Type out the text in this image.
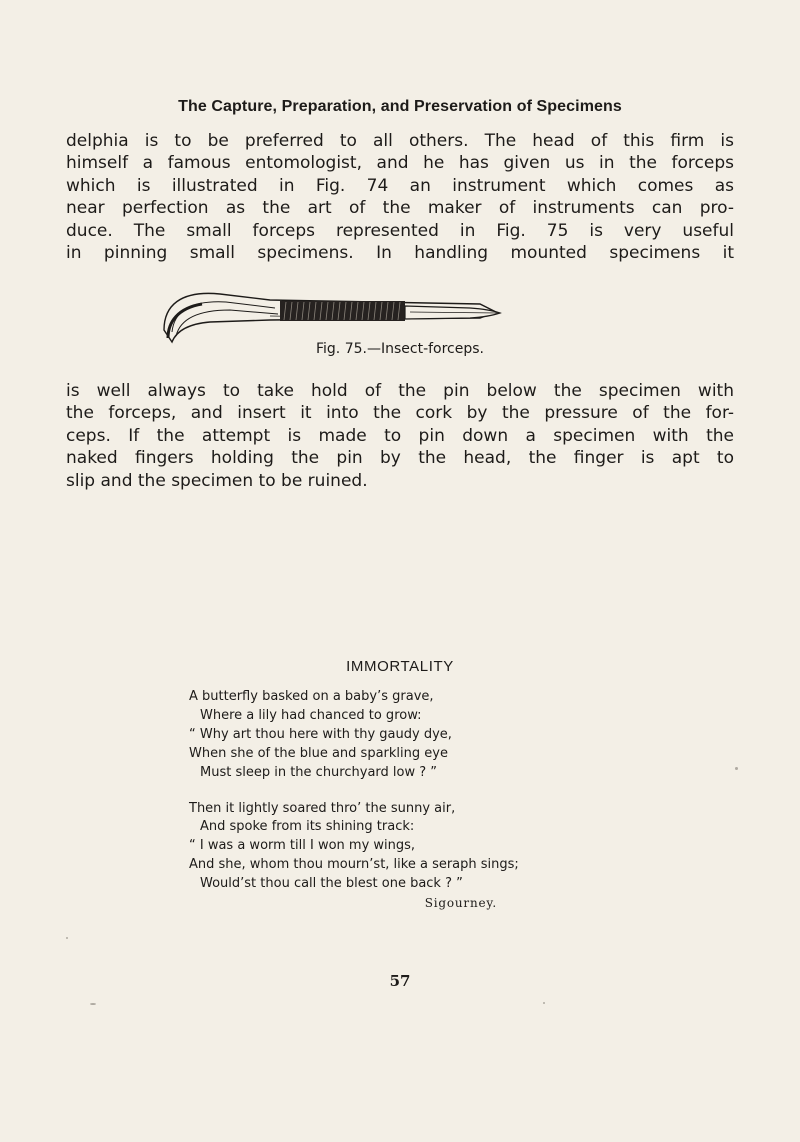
The Capture, Preparation, and Preservation of Specimens
delphia is to be preferred to all others. The head of this firm is
himself a famous entomologist, and he has given us in the forceps
which is illustrated in Fig. 74 an instrument which comes as
near perfection as the art of the maker of instruments can pro-
duce. The small forceps represented in Fig. 75 is very useful
in pinning small specimens. In handling mounted specimens it
Fig. 75.—Insect-forceps.
is well always to take hold of the pin below the specimen with
the forceps, and insert it into the cork by the pressure of the for-
ceps. If the attempt is made to pin down a specimen with the
naked fingers holding the pin by the head, the finger is apt to
slip and the specimen to be ruined.
IMMORTALITY
A butterfly basked on a baby’s grave,
Where a lily had chanced to grow:
“ Why art thou here with thy gaudy dye,
When she of the blue and sparkling eye
Must sleep in the churchyard low ? ”
Then it lightly soared thro’ the sunny air,
And spoke from its shining track:
“ I was a worm till I won my wings,
And she, whom thou mourn’st, like a seraph sings;
Would’st thou call the blest one back ? ”
Sigourney.
57
